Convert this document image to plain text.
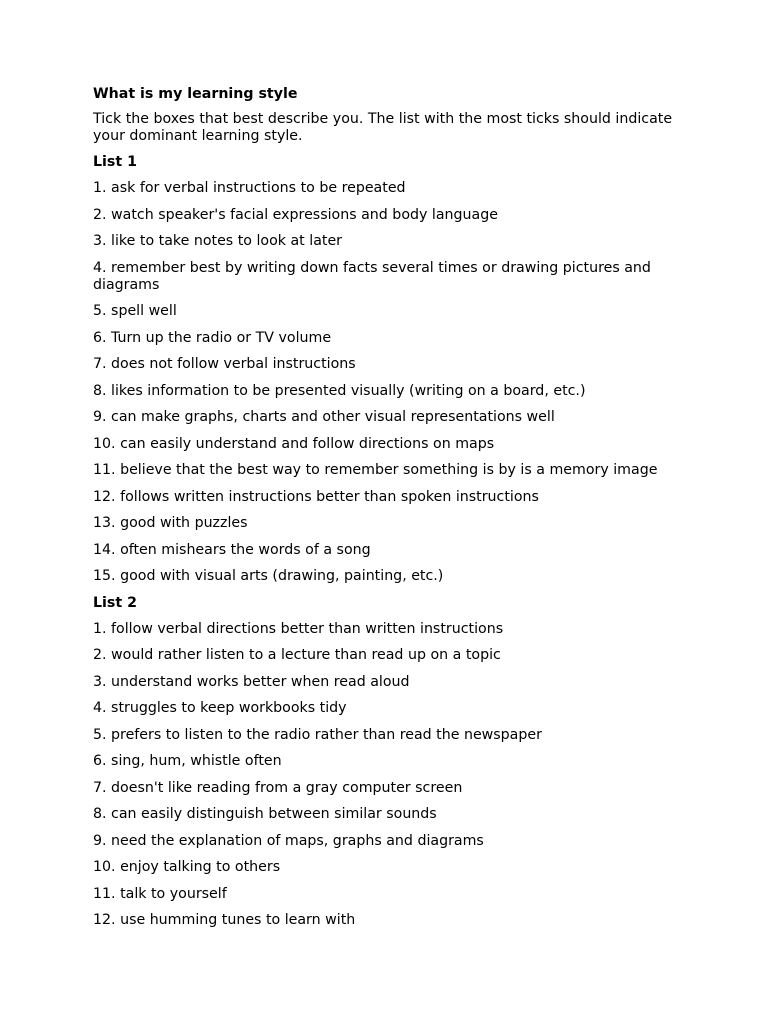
What is my learning style
Tick the boxes that best describe you. The list with the most ticks should indicate your dominant learning style.
List 1
1. ask for verbal instructions to be repeated
2. watch speaker's facial expressions and body language
3. like to take notes to look at later
4. remember best by writing down facts several times or drawing pictures and diagrams
5. spell well
6. Turn up the radio or TV volume
7. does not follow verbal instructions
8. likes information to be presented visually (writing on a board, etc.)
9. can make graphs, charts and other visual representations well
10. can easily understand and follow directions on maps
11. believe that the best way to remember something is by is a memory image
12. follows written instructions better than spoken instructions
13. good with puzzles
14. often mishears the words of a song
15. good with visual arts (drawing, painting, etc.)
List 2
1. follow verbal directions better than written instructions
2. would rather listen to a lecture than read up on a topic
3. understand works better when read aloud
4. struggles to keep workbooks tidy
5. prefers to listen to the radio rather than read the newspaper
6. sing, hum, whistle often
7. doesn't like reading from a gray computer screen
8. can easily distinguish between similar sounds
9. need the explanation of maps, graphs and diagrams
10. enjoy talking to others
11. talk to yourself
12. use humming tunes to learn with
